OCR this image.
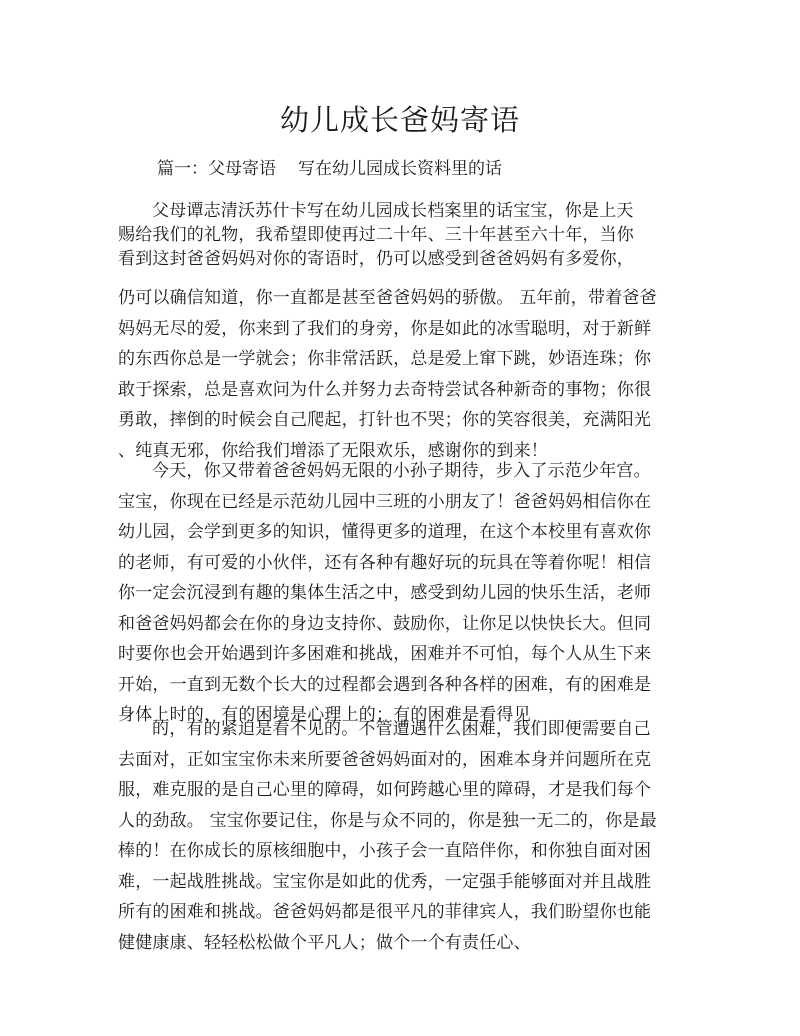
幼儿成长爸妈寄语
篇一：父母寄语 写在幼儿园成长资料里的话
父母谭志清沃苏什卡写在幼儿园成长档案里的话宝宝，你是上天
赐给我们的礼物，我希望即使再过二十年、三十年甚至六十年，当你
看到这封爸爸妈妈对你的寄语时，仍可以感受到爸爸妈妈有多爱你，
仍可以确信知道，你一直都是甚至爸爸妈妈的骄傲。 五年前，带着爸爸
妈妈无尽的爱，你来到了我们的身旁，你是如此的冰雪聪明，对于新鲜
的东西你总是一学就会；你非常活跃，总是爱上窜下跳，妙语连珠；你
敢于探索，总是喜欢问为什么并努力去奇特尝试各种新奇的事物；你很
勇敢，摔倒的时候会自己爬起，打针也不哭；你的笑容很美，充满阳光
、纯真无邪，你给我们增添了无限欢乐，感谢你的到来！
今天，你又带着爸爸妈妈无限的小孙子期待，步入了示范少年宫。
宝宝，你现在已经是示范幼儿园中三班的小朋友了！爸爸妈妈相信你在
幼儿园，会学到更多的知识，懂得更多的道理，在这个本校里有喜欢你
的老师，有可爱的小伙伴，还有各种有趣好玩的玩具在等着你呢！相信
你一定会沉浸到有趣的集体生活之中，感受到幼儿园的快乐生活，老师
和爸爸妈妈都会在你的身边支持你、鼓励你，让你足以快快长大。但同
时要你也会开始遇到许多困难和挑战，困难并不可怕，每个人从生下来
开始，一直到无数个长大的过程都会遇到各种各样的困难，有的困难是
身体上时的，有的困境是心理上的；有的困难是看得见
的，有的紧迫是看不见的。不管遭遇什么困难，我们即便需要自己
去面对，正如宝宝你未来所要爸爸妈妈面对的，困难本身并问题所在克
服，难克服的是自己心里的障碍，如何跨越心里的障碍，才是我们每个
人的劲敌。 宝宝你要记住，你是与众不同的，你是独一无二的，你是最
棒的！在你成长的原核细胞中，小孩子会一直陪伴你，和你独自面对困
难，一起战胜挑战。宝宝你是如此的优秀，一定强手能够面对并且战胜
所有的困难和挑战。爸爸妈妈都是很平凡的菲律宾人，我们盼望你也能
健健康康、轻轻松松做个平凡人；做个一个有责任心、
